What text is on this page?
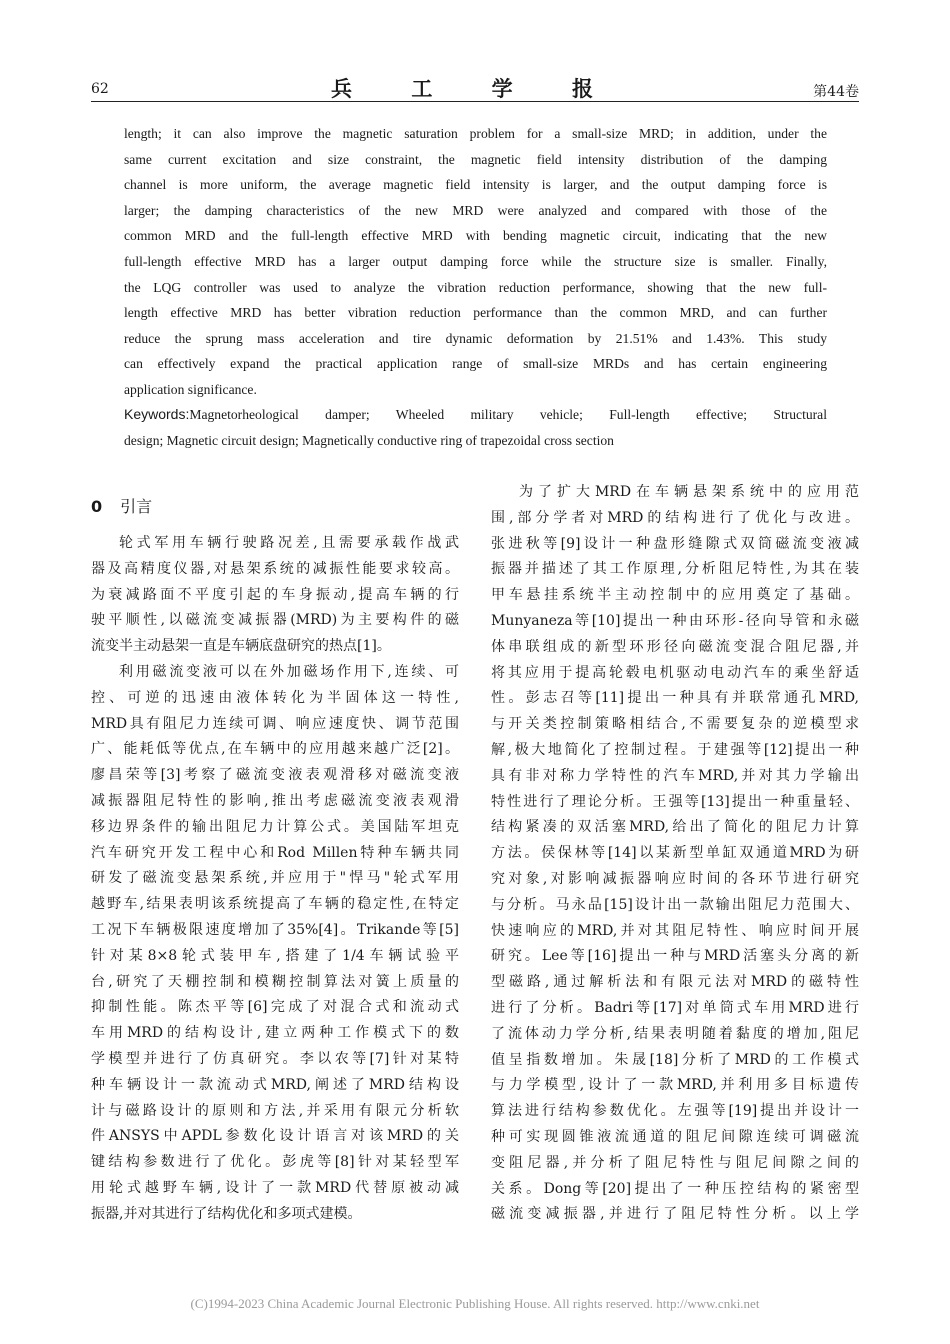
62	兵 工 学 报	第44卷
length; it can also improve the magnetic saturation problem for a small-size MRD; in addition, under the
same current excitation and size constraint, the magnetic field intensity distribution of the damping
channel is more uniform, the average magnetic field intensity is larger, and the output damping force is
larger; the damping characteristics of the new MRD were analyzed and compared with those of the
common MRD and the full-length effective MRD with bending magnetic circuit, indicating that the new
full-length effective MRD has a larger output damping force while the structure size is smaller. Finally,
the LQG controller was used to analyze the vibration reduction performance, showing that the new full-
length effective MRD has better vibration reduction performance than the common MRD, and can further
reduce the sprung mass acceleration and tire dynamic deformation by 21.51% and 1.43%. This study
can effectively expand the practical application range of small-size MRDs and has certain engineering
application significance.
Keywords:Magnetorheological damper; Wheeled military vehicle; Full-length effective; Structural
design; Magnetic circuit design; Magnetically conductive ring of trapezoidal cross section
0 引言
轮式军用车辆行驶路况差,且需要承载作战武
器及高精度仪器,对悬架系统的减振性能要求较高。
为衰减路面不平度引起的车身振动,提高车辆的行
驶平顺性,以磁流变减振器(MRD)为主要构件的磁
流变半主动悬架一直是车辆底盘研究的热点[1]。
利用磁流变液可以在外加磁场作用下,连续、可
控、可逆的迅速由液体转化为半固体这一特性,
MRD具有阻尼力连续可调、响应速度快、调节范围
广、能耗低等优点,在车辆中的应用越来越广泛[2]。
廖昌荣等[3]考察了磁流变液表观滑移对磁流变液
减振器阻尼特性的影响,推出考虑磁流变液表观滑
移边界条件的输出阻尼力计算公式。美国陆军坦克
汽车研究开发工程中心和Rod Millen特种车辆共同
研发了磁流变悬架系统,并应用于"悍马"轮式军用
越野车,结果表明该系统提高了车辆的稳定性,在特定
工况下车辆极限速度增加了35%[4]。Trikande等[5]
针对某8×8轮式装甲车,搭建了1/4车辆试验平
台,研究了天棚控制和模糊控制算法对簧上质量的
抑制性能。陈杰平等[6]完成了对混合式和流动式
车用MRD的结构设计,建立两种工作模式下的数
学模型并进行了仿真研究。李以农等[7]针对某特
种车辆设计一款流动式MRD,阐述了MRD结构设
计与磁路设计的原则和方法,并采用有限元分析软
件ANSYS中APDL参数化设计语言对该MRD的关
键结构参数进行了优化。彭虎等[8]针对某轻型军
用轮式越野车辆,设计了一款MRD代替原被动减
振器,并对其进行了结构优化和多项式建模。
为了扩大MRD在车辆悬架系统中的应用范
围,部分学者对MRD的结构进行了优化与改进。
张进秋等[9]设计一种盘形缝隙式双筒磁流变液减
振器并描述了其工作原理,分析阻尼特性,为其在装
甲车悬挂系统半主动控制中的应用奠定了基础。
Munyaneza等[10]提出一种由环形-径向导管和永磁
体串联组成的新型环形径向磁流变混合阻尼器,并
将其应用于提高轮毂电机驱动电动汽车的乘坐舒适
性。彭志召等[11]提出一种具有并联常通孔MRD,
与开关类控制策略相结合,不需要复杂的逆模型求
解,极大地简化了控制过程。于建强等[12]提出一种
具有非对称力学特性的汽车MRD,并对其力学输出
特性进行了理论分析。王强等[13]提出一种重量轻、
结构紧凑的双活塞MRD,给出了简化的阻尼力计算
方法。侯保林等[14]以某新型单缸双通道MRD为研
究对象,对影响减振器响应时间的各环节进行研究
与分析。马永品[15]设计出一款输出阻尼力范围大、
快速响应的MRD,并对其阻尼特性、响应时间开展
研究。Lee等[16]提出一种与MRD活塞头分离的新
型磁路,通过解析法和有限元法对MRD的磁特性
进行了分析。Badri等[17]对单筒式车用MRD进行
了流体动力学分析,结果表明随着黏度的增加,阻尼
值呈指数增加。朱晟[18]分析了MRD的工作模式
与力学模型,设计了一款MRD,并利用多目标遗传
算法进行结构参数优化。左强等[19]提出并设计一
种可实现圆锥液流通道的阻尼间隙连续可调磁流
变阻尼器,并分析了阻尼特性与阻尼间隙之间的
关系。Dong等[20]提出了一种压控结构的紧密型
磁流变减振器,并进行了阻尼特性分析。以上学
(C)1994-2023 China Academic Journal Electronic Publishing House. All rights reserved. http://www.cnki.net
